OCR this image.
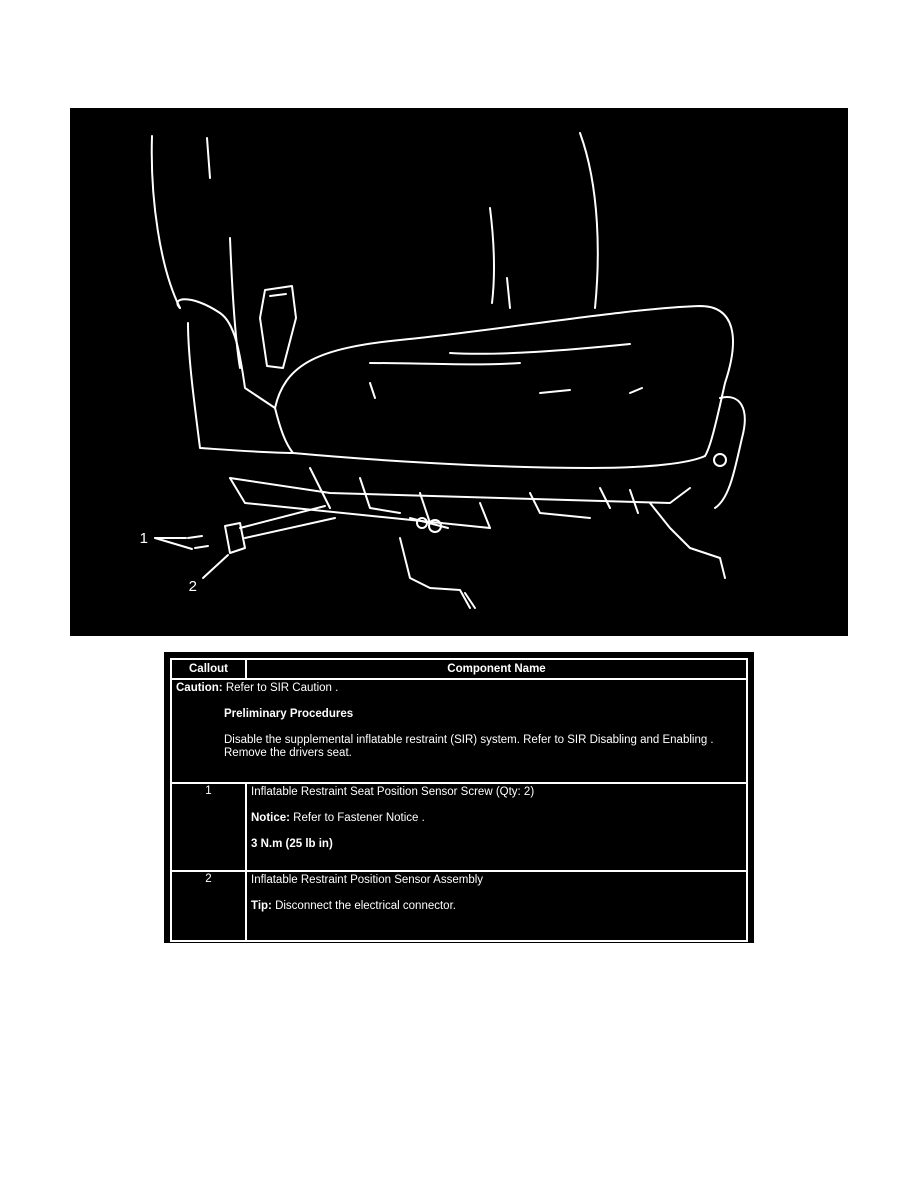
1
2
Callout	Component Name

Caution: Refer to SIR Caution .
Preliminary Procedures
Disable the supplemental inflatable restraint (SIR) system. Refer to SIR Disabling and Enabling .
Remove the drivers seat.	

1	Inflatable Restraint Seat Position Sensor Screw (Qty: 2)
Notice: Refer to Fastener Notice .
3 N.m (25 lb in)

2	Inflatable Restraint Position Sensor Assembly
Tip: Disconnect the electrical connector.
